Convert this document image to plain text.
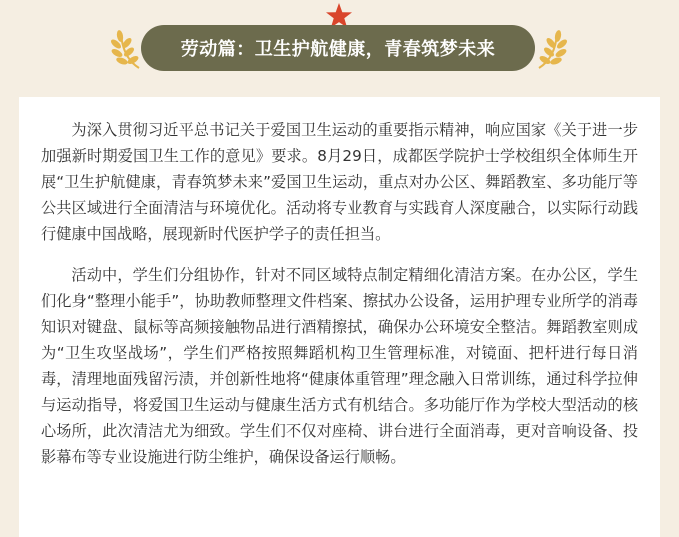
劳动篇：卫生护航健康，青春筑梦未来

为深入贯彻习近平总书记关于爱国卫生运动的重要指示精神，响应国家《关于进一步加强新时期爱国卫生工作的意见》要求。8月29日，成都医学院护士学校组织全体师生开展“卫生护航健康，青春筑梦未来”爱国卫生运动，重点对办公区、舞蹈教室、多功能厅等公共区域进行全面清洁与环境优化。活动将专业教育与实践育人深度融合，以实际行动践行健康中国战略，展现新时代医护学子的责任担当。

活动中，学生们分组协作，针对不同区域特点制定精细化清洁方案。在办公区，学生们化身“整理小能手”，协助教师整理文件档案、擦拭办公设备，运用护理专业所学的消毒知识对键盘、鼠标等高频接触物品进行酒精擦拭，确保办公环境安全整洁。舞蹈教室则成为“卫生攻坚战场”，学生们严格按照舞蹈机构卫生管理标准，对镜面、把杆进行每日消毒，清理地面残留污渍，并创新性地将“健康体重管理”理念融入日常训练，通过科学拉伸与运动指导，将爱国卫生运动与健康生活方式有机结合。多功能厅作为学校大型活动的核心场所，此次清洁尤为细致。学生们不仅对座椅、讲台进行全面消毒，更对音响设备、投影幕布等专业设施进行防尘维护，确保设备运行顺畅。
